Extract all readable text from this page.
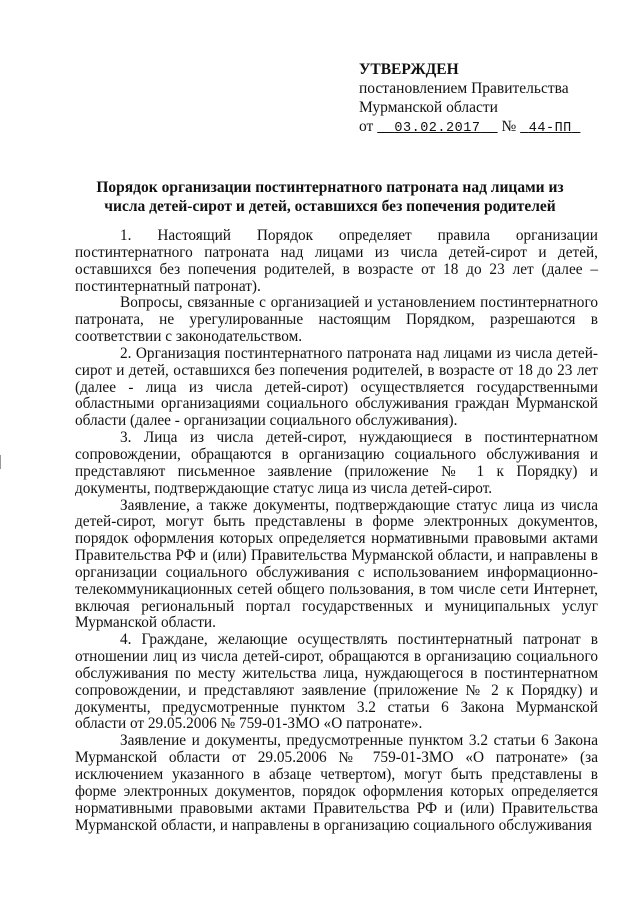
УТВЕРЖДЕН
постановлением Правительства
Мурманской области
от 03.02.2017 № 44-ПП
Порядок организации постинтернатного патроната над лицами из
числа детей-сирот и детей, оставшихся без попечения родителей

1. Настоящий Порядок определяет правила организации постинтернатного патроната над лицами из числа детей-сирот и детей, оставшихся без попечения родителей, в возрасте от 18 до 23 лет (далее – постинтернатный патронат).

Вопросы, связанные с организацией и установлением постинтернатного патроната, не урегулированные настоящим Порядком, разрешаются в соответствии с законодательством.

2. Организация постинтернатного патроната над лицами из числа детей-сирот и детей, оставшихся без попечения родителей, в возрасте от 18 до 23 лет (далее - лица из числа детей-сирот) осуществляется государственными областными организациями социального обслуживания граждан Мурманской области (далее - организации социального обслуживания).

3. Лица из числа детей-сирот, нуждающиеся в постинтернатном сопровождении, обращаются в организацию социального обслуживания и представляют письменное заявление (приложение № 1 к Порядку) и документы, подтверждающие статус лица из числа детей-сирот.

Заявление, а также документы, подтверждающие статус лица из числа детей-сирот, могут быть представлены в форме электронных документов, порядок оформления которых определяется нормативными правовыми актами Правительства РФ и (или) Правительства Мурманской области, и направлены в организации социального обслуживания с использованием информационно-телекоммуникационных сетей общего пользования, в том числе сети Интернет, включая региональный портал государственных и муниципальных услуг Мурманской области.

4. Граждане, желающие осуществлять постинтернатный патронат в отношении лиц из числа детей-сирот, обращаются в организацию социального обслуживания по месту жительства лица, нуждающегося в постинтернатном сопровождении, и представляют заявление (приложение № 2 к Порядку) и документы, предусмотренные пунктом 3.2 статьи 6 Закона Мурманской области от 29.05.2006 № 759-01-ЗМО «О патронате».

Заявление и документы, предусмотренные пунктом 3.2 статьи 6 Закона Мурманской области от 29.05.2006 № 759-01-ЗМО «О патронате» (за исключением указанного в абзаце четвертом), могут быть представлены в форме электронных документов, порядок оформления которых определяется нормативными правовыми актами Правительства РФ и (или) Правительства Мурманской области, и направлены в организацию социального обслуживания
